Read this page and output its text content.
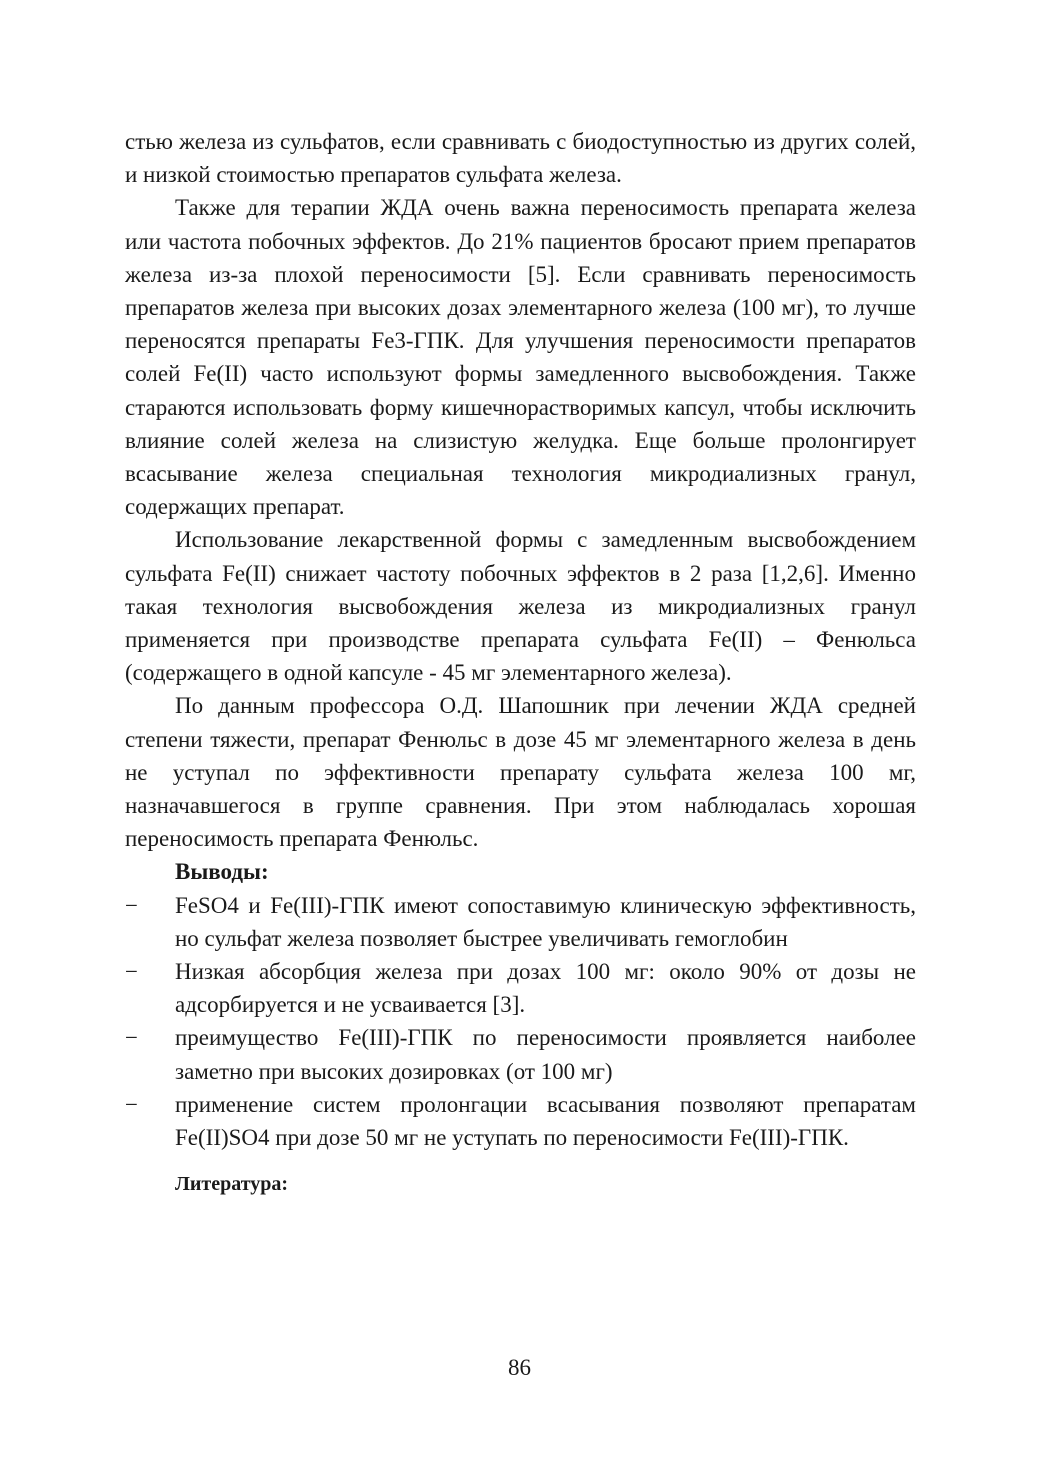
стью железа из сульфатов, если сравнивать с биодоступностью из других солей, и низкой стоимостью препаратов сульфата железа.

Также для терапии ЖДА очень важна переносимость препарата железа или частота побочных эффектов. До 21% пациентов бросают прием препаратов железа из-за плохой переносимости [5]. Если сравнивать переносимость препаратов железа при высоких дозах элементарного железа (100 мг), то лучше переносятся препараты Fe3-ГПК. Для улучшения переносимости препаратов солей Fe(II) часто используют формы замедленного высвобождения. Также стараются использовать форму кишечнорастворимых капсул, чтобы исключить влияние солей железа на слизистую желудка. Еще больше пролонгирует всасывание железа специальная технология микродиализных гранул, содержащих препарат.

Использование лекарственной формы с замедленным высвобождением сульфата Fe(II) снижает частоту побочных эффектов в 2 раза [1,2,6]. Именно такая технология высвобождения железа из микродиализных гранул применяется при производстве препарата сульфата Fe(II) – Фенюльса (содержащего в одной капсуле - 45 мг элементарного железа).

По данным профессора О.Д. Шапошник при лечении ЖДА средней степени тяжести, препарат Фенюльс в дозе 45 мг элементарного железа в день не уступал по эффективности препарату сульфата железа 100 мг, назначавшегося в группе сравнения. При этом наблюдалась хорошая переносимость препарата Фенюльс.

Выводы:
− FeSO4 и Fe(III)-ГПК имеют сопоставимую клиническую эффективность, но сульфат железа позволяет быстрее увеличивать гемоглобин
− Низкая абсорбция железа при дозах 100 мг: около 90% от дозы не адсорбируется и не усваивается [3].
− преимущество Fe(III)-ГПК по переносимости проявляется наиболее заметно при высоких дозировках (от 100 мг)
− применение систем пролонгации всасывания позволяют препаратам Fe(II)SO4 при дозе 50 мг не уступать по переносимости Fe(III)-ГПК.
Литература:
86
